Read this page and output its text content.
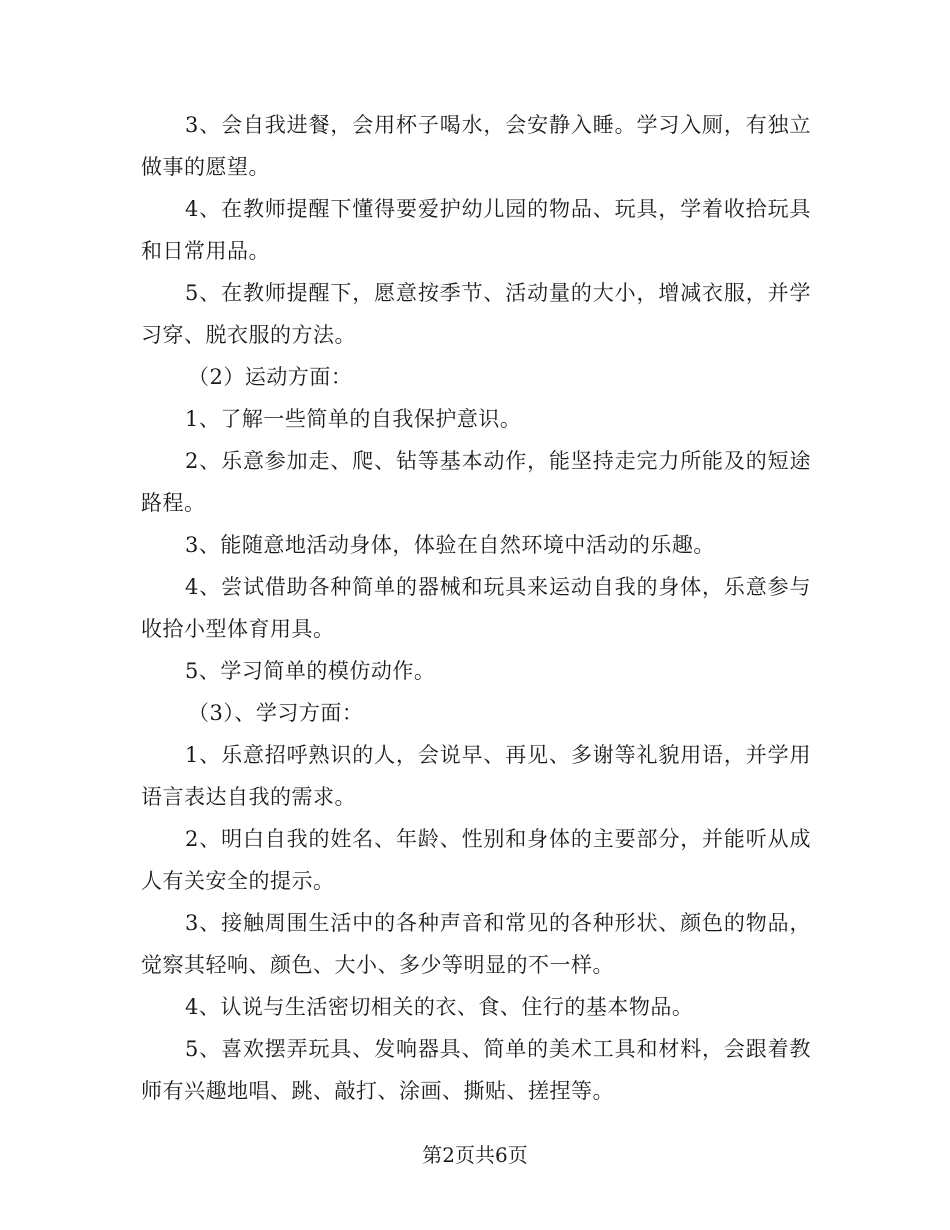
3、会自我进餐，会用杯子喝水，会安静入睡。学习入厕，有独立做事的愿望。

4、在教师提醒下懂得要爱护幼儿园的物品、玩具，学着收拾玩具和日常用品。

5、在教师提醒下，愿意按季节、活动量的大小，增减衣服，并学习穿、脱衣服的方法。

（2）运动方面：

1、了解一些简单的自我保护意识。

2、乐意参加走、爬、钻等基本动作，能坚持走完力所能及的短途路程。

3、能随意地活动身体，体验在自然环境中活动的乐趣。

4、尝试借助各种简单的器械和玩具来运动自我的身体，乐意参与收拾小型体育用具。

5、学习简单的模仿动作。

（3）、学习方面：

1、乐意招呼熟识的人，会说早、再见、多谢等礼貌用语，并学用语言表达自我的需求。

2、明白自我的姓名、年龄、性别和身体的主要部分，并能听从成人有关安全的提示。

3、接触周围生活中的各种声音和常见的各种形状、颜色的物品，觉察其轻响、颜色、大小、多少等明显的不一样。

4、认说与生活密切相关的衣、食、住行的基本物品。

5、喜欢摆弄玩具、发响器具、简单的美术工具和材料，会跟着教师有兴趣地唱、跳、敲打、涂画、撕贴、搓捏等。

第2页共6页
